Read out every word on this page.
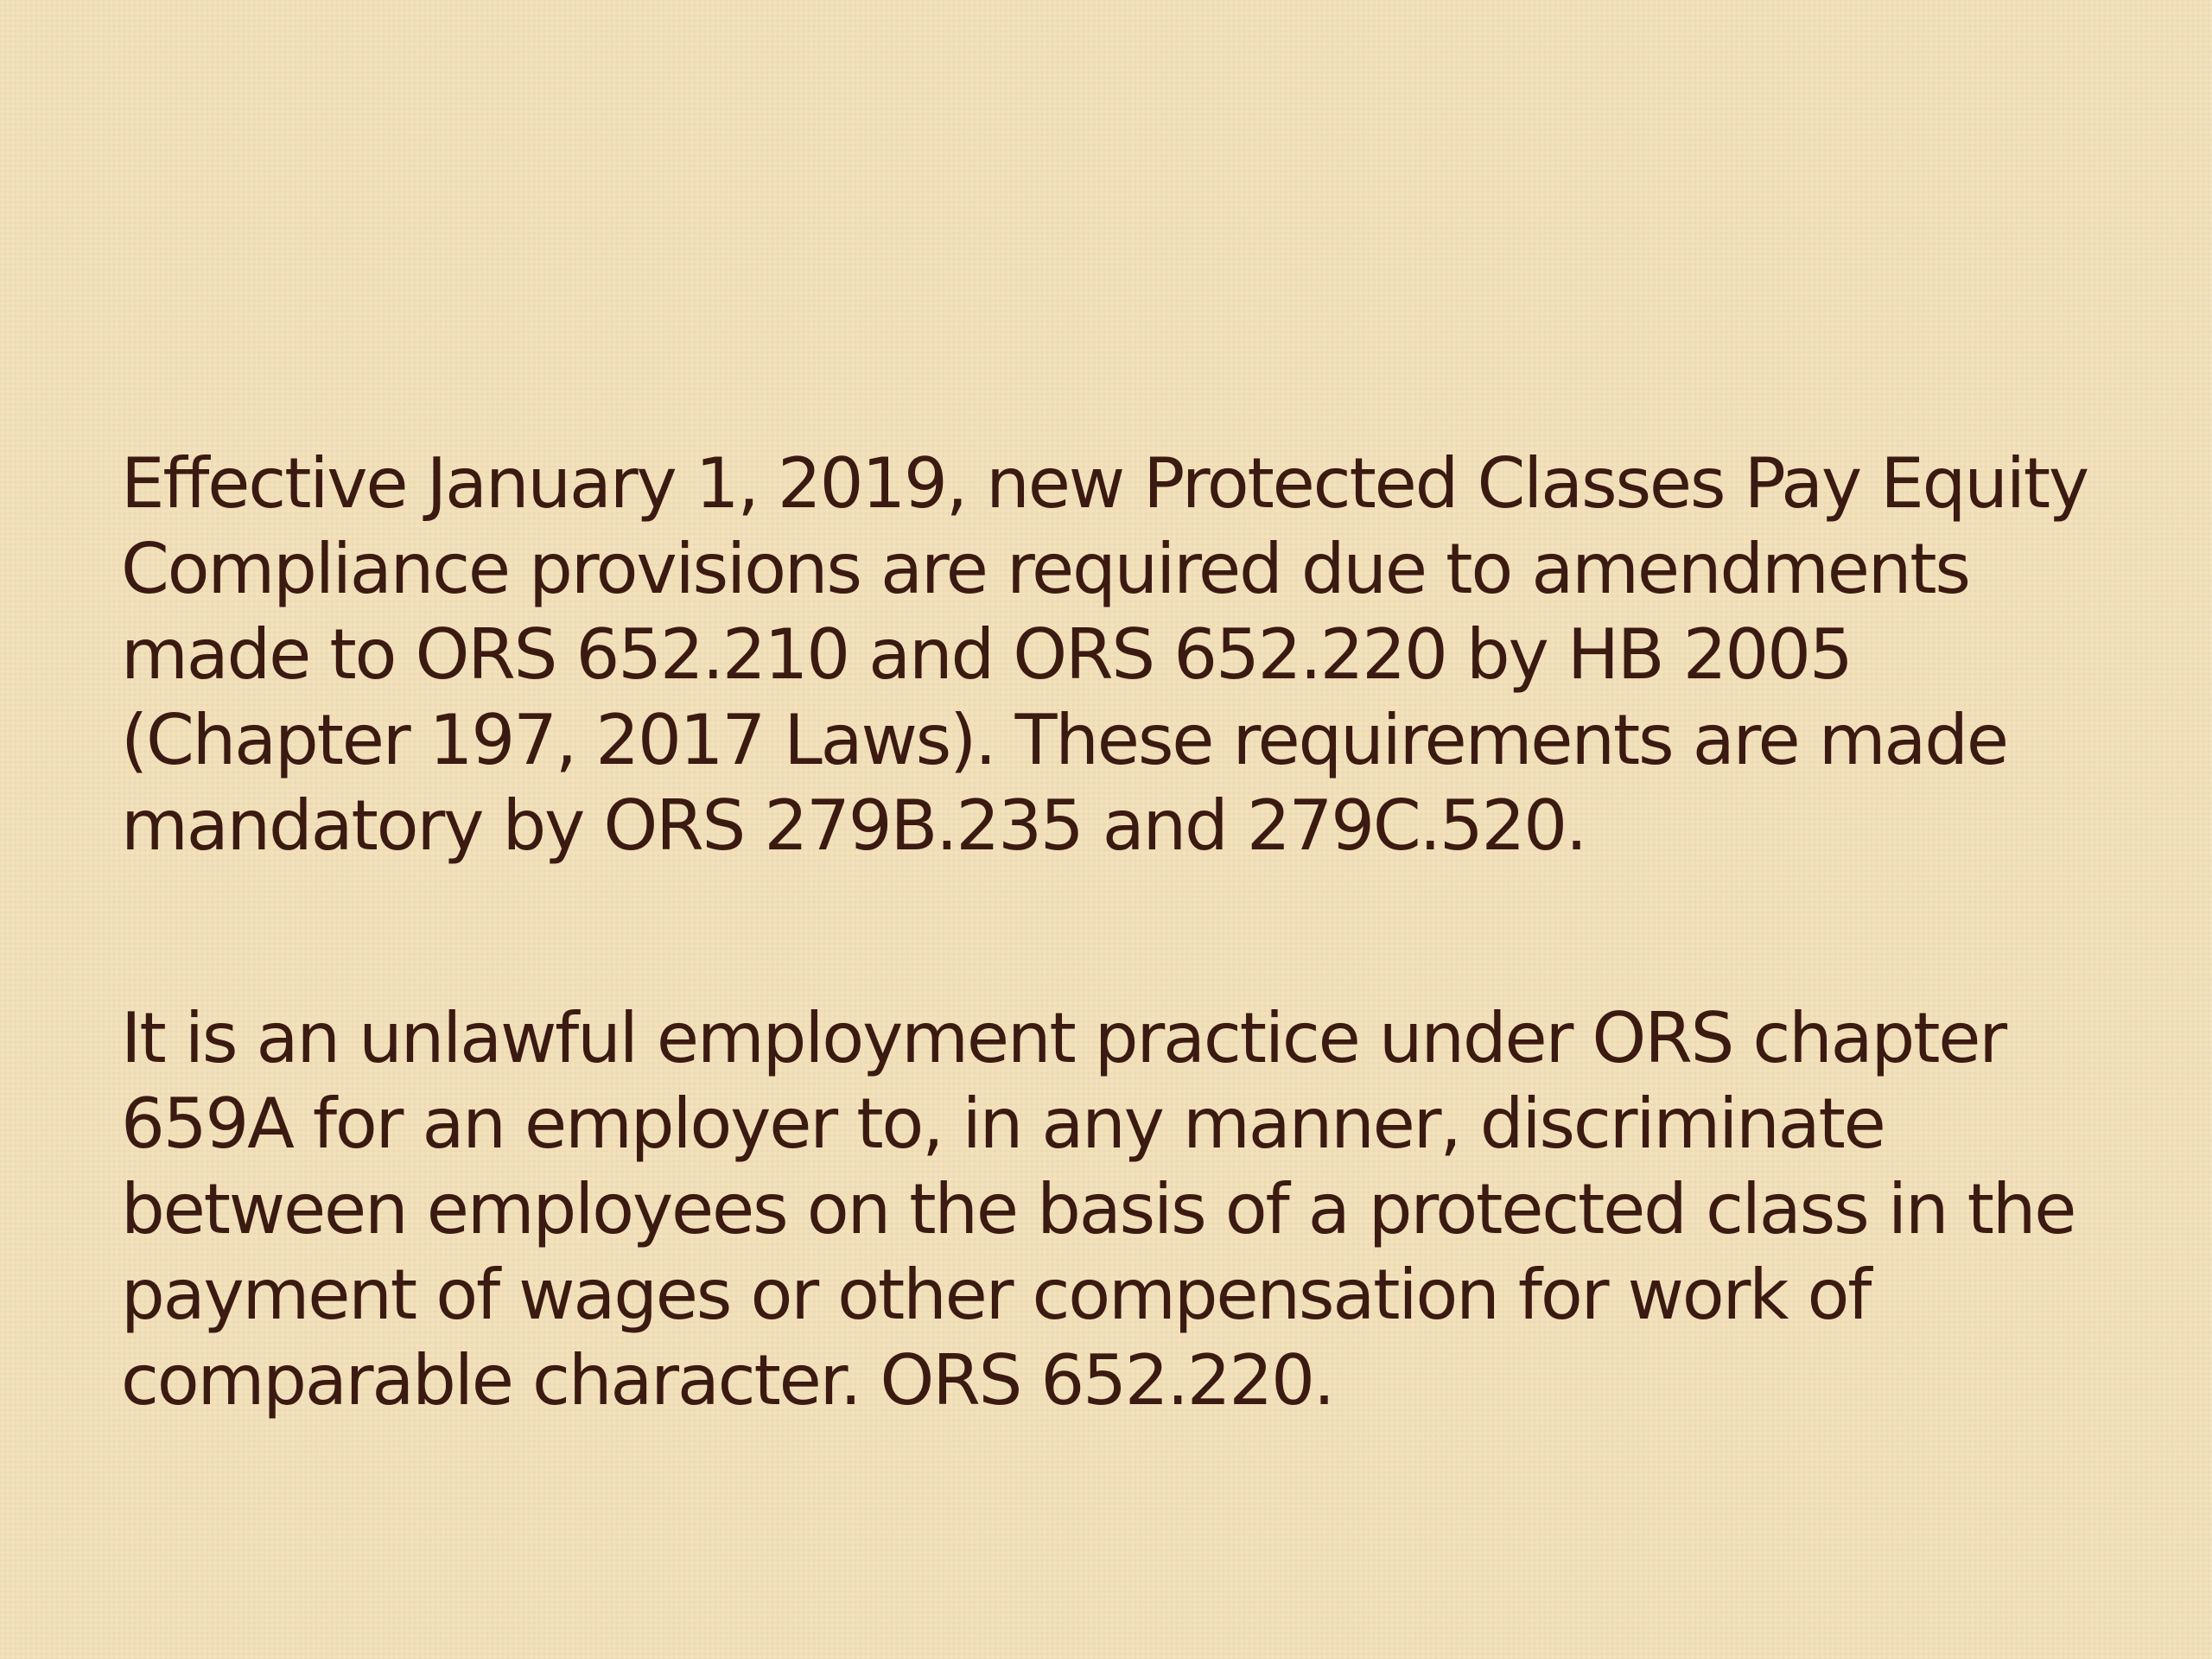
Effective January 1, 2019, new Protected Classes Pay Equity
Compliance provisions are required due to amendments
made to ORS 652.210 and ORS 652.220 by HB 2005
(Chapter 197, 2017 Laws). These requirements are made
mandatory by ORS 279B.235 and 279C.520.

It is an unlawful employment practice under ORS chapter
659A for an employer to, in any manner, discriminate
between employees on the basis of a protected class in the
payment of wages or other compensation for work of
comparable character. ORS 652.220.
